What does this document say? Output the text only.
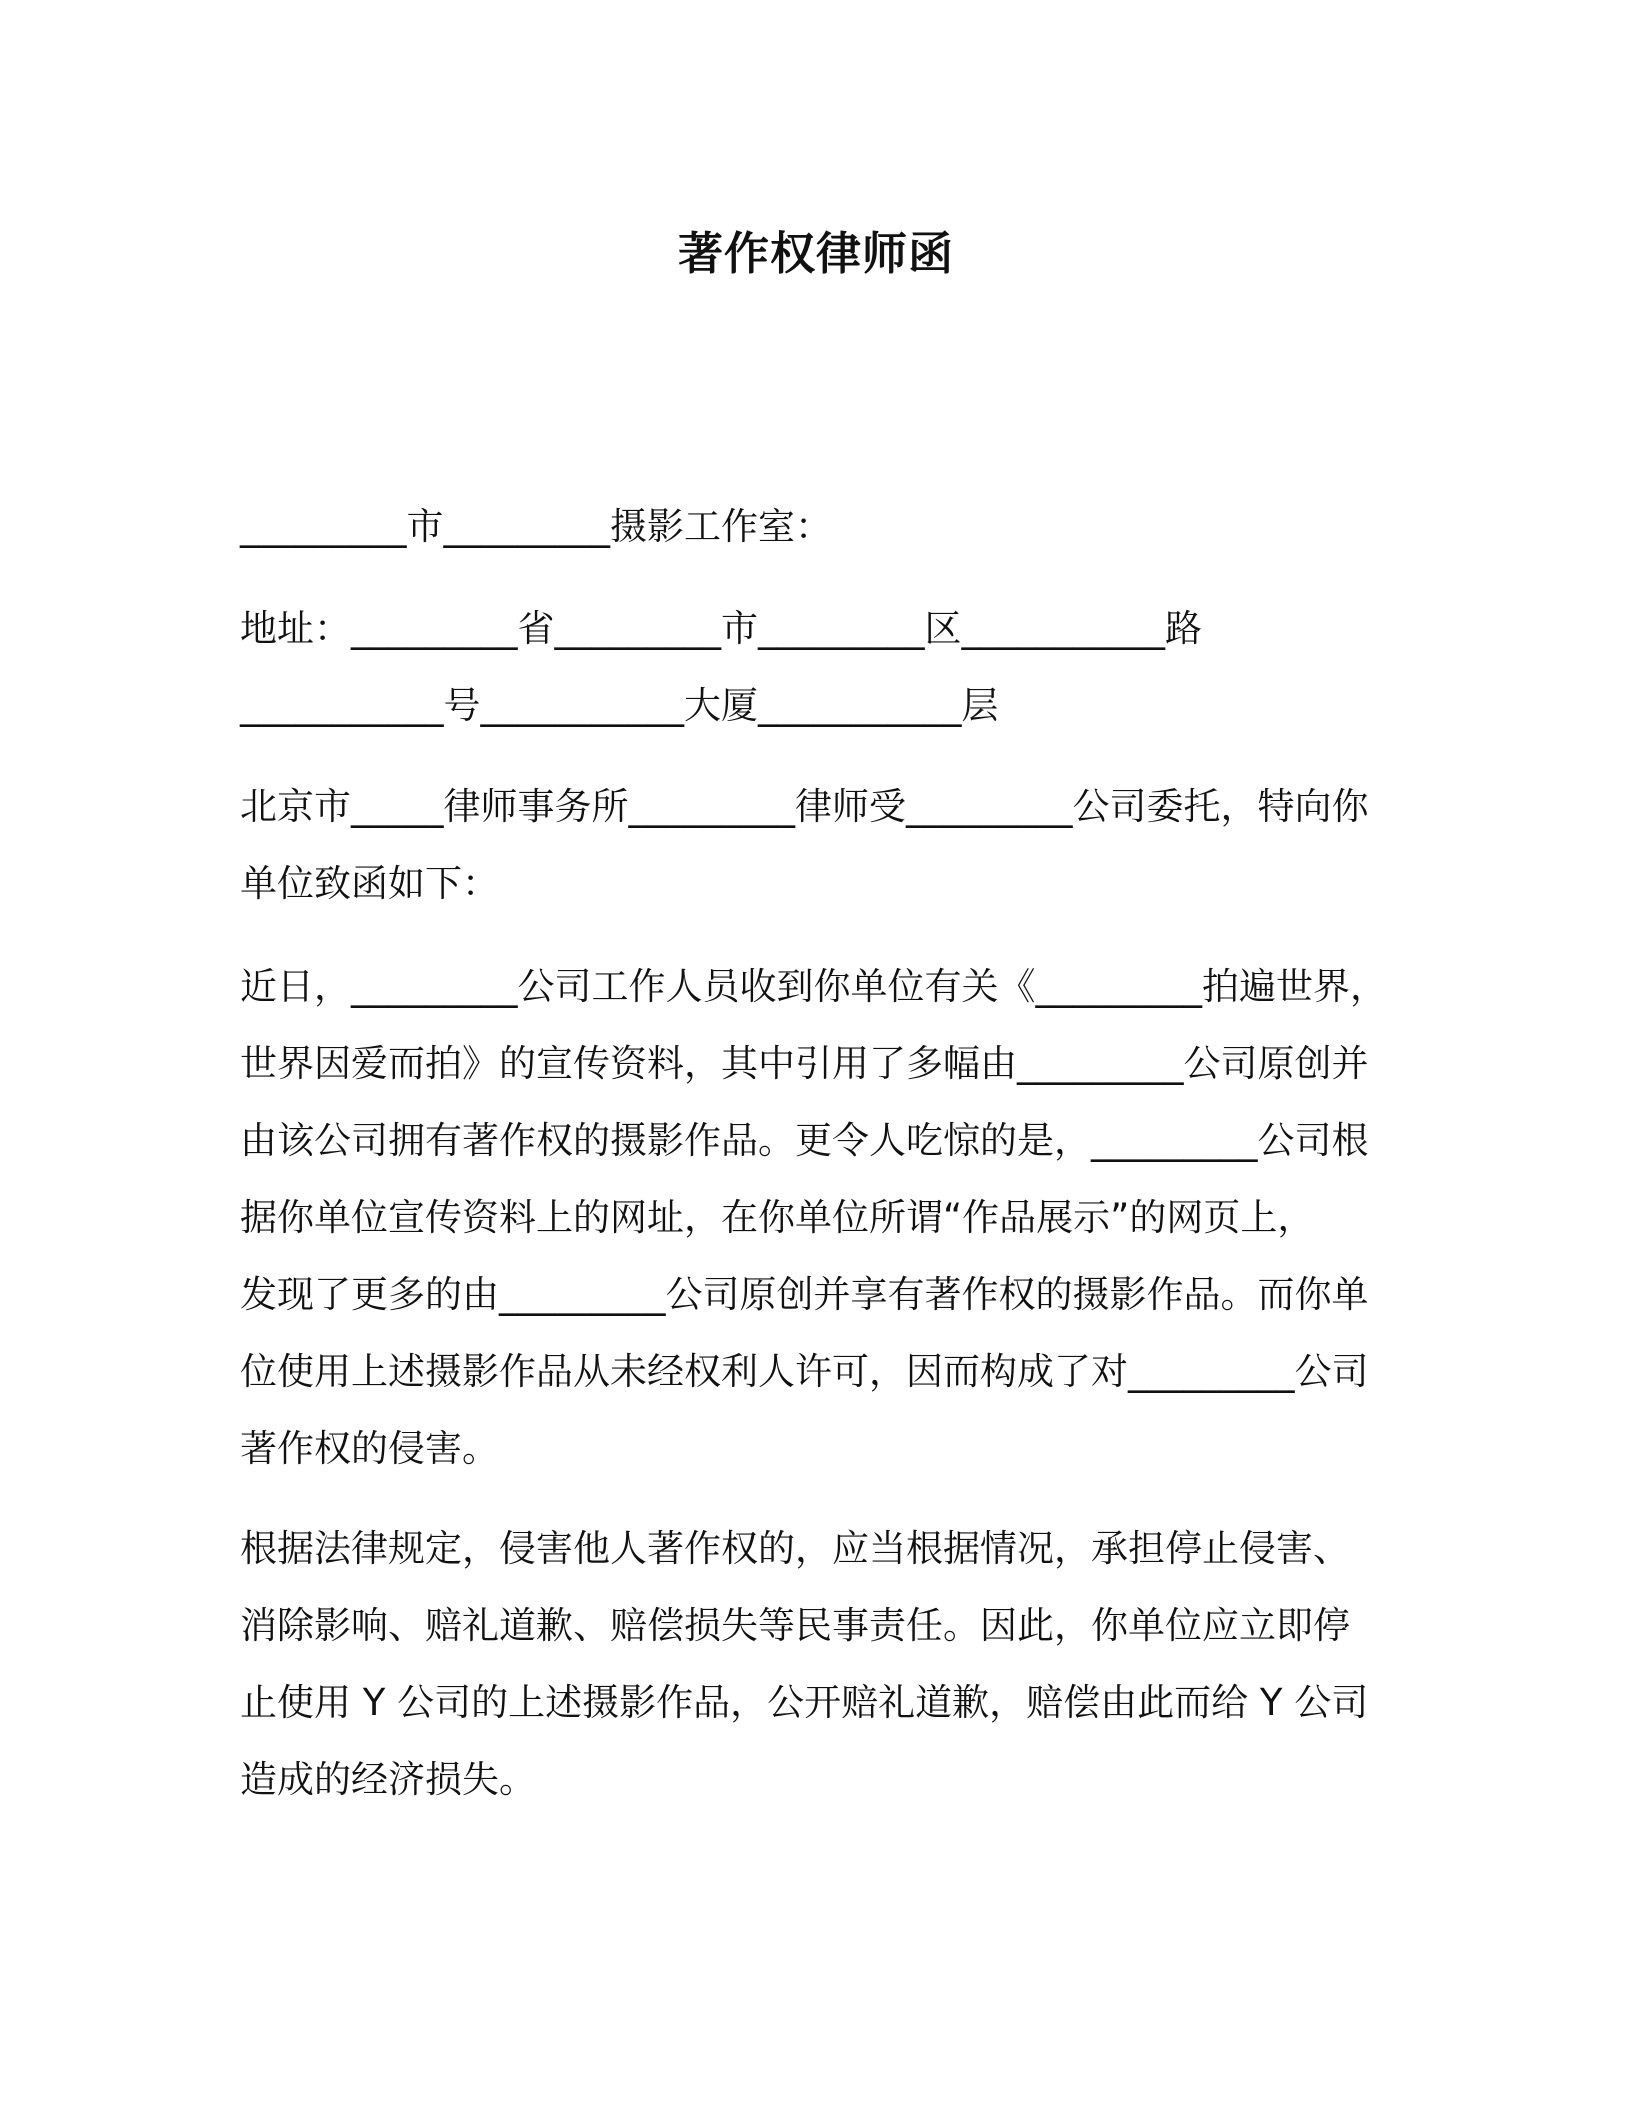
著作权律师函
_________市_________摄影工作室：
地址：_________省_________市_________区___________路
___________号___________大厦___________层
北京市_____律师事务所_________律师受_________公司委托，特向你
单位致函如下：
近日，_________公司工作人员收到你单位有关《_________拍遍世界，
世界因爱而拍》的宣传资料，其中引用了多幅由_________公司原创并
由该公司拥有著作权的摄影作品。更令人吃惊的是，_________公司根
据你单位宣传资料上的网址，在你单位所谓“作品展示”的网页上，
发现了更多的由_________公司原创并享有著作权的摄影作品。而你单
位使用上述摄影作品从未经权利人许可，因而构成了对_________公司
著作权的侵害。
根据法律规定，侵害他人著作权的，应当根据情况，承担停止侵害、
消除影响、赔礼道歉、赔偿损失等民事责任。因此，你单位应立即停
止使用 Y 公司的上述摄影作品，公开赔礼道歉，赔偿由此而给 Y 公司
造成的经济损失。
